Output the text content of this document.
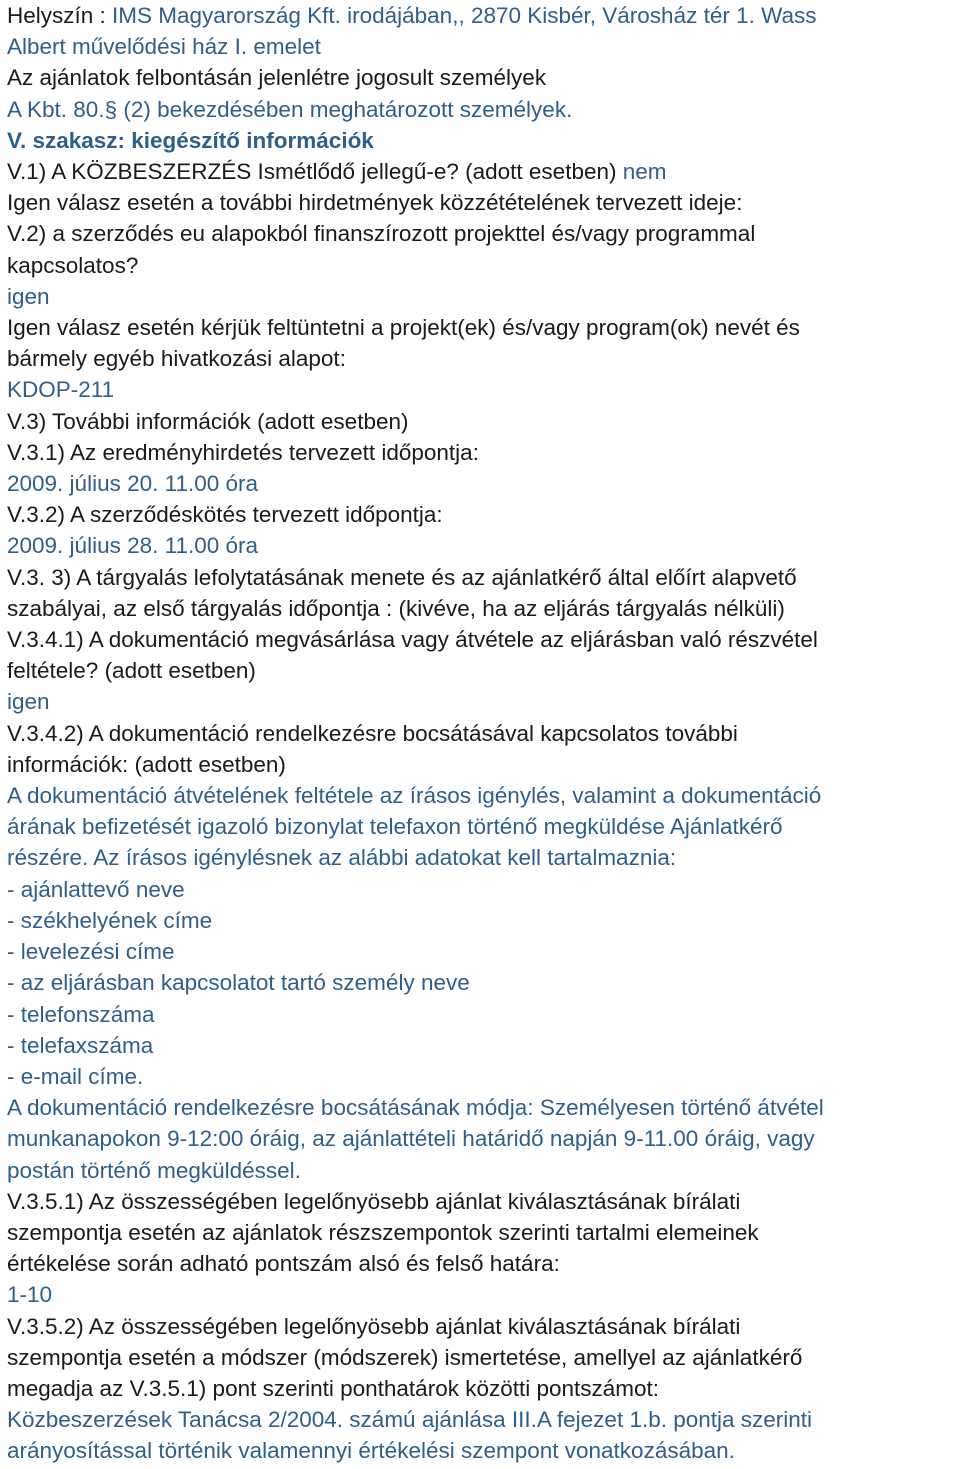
Helyszín : IMS Magyarország Kft. irodájában,, 2870 Kisbér, Városház tér 1. Wass
Albert művelődési ház I. emelet
Az ajánlatok felbontásán jelenlétre jogosult személyek
A Kbt. 80.§ (2) bekezdésében meghatározott személyek.
V. szakasz: kiegészítő információk
V.1) A KÖZBESZERZÉS Ismétlődő jellegű-e? (adott esetben) nem
Igen válasz esetén a további hirdetmények közzétételének tervezett ideje:
V.2) a szerződés eu alapokból finanszírozott projekttel és/vagy programmal
kapcsolatos?
igen
Igen válasz esetén kérjük feltüntetni a projekt(ek) és/vagy program(ok) nevét és
bármely egyéb hivatkozási alapot:
KDOP-211
V.3) További információk (adott esetben)
V.3.1) Az eredményhirdetés tervezett időpontja:
2009. július 20. 11.00 óra
V.3.2) A szerződéskötés tervezett időpontja:
2009. július 28. 11.00 óra
V.3. 3) A tárgyalás lefolytatásának menete és az ajánlatkérő által előírt alapvető
szabályai, az első tárgyalás időpontja : (kivéve, ha az eljárás tárgyalás nélküli)
V.3.4.1) A dokumentáció megvásárlása vagy átvétele az eljárásban való részvétel
feltétele? (adott esetben)
igen
V.3.4.2) A dokumentáció rendelkezésre bocsátásával kapcsolatos további
információk: (adott esetben)
A dokumentáció átvételének feltétele az írásos igénylés, valamint a dokumentáció
árának befizetését igazoló bizonylat telefaxon történő megküldése Ajánlatkérő
részére. Az írásos igénylésnek az alábbi adatokat kell tartalmaznia:
- ajánlattevő neve
- székhelyének címe
- levelezési címe
- az eljárásban kapcsolatot tartó személy neve
- telefonszáma
- telefaxszáma
- e-mail címe.
A dokumentáció rendelkezésre bocsátásának módja: Személyesen történő átvétel
munkanapokon 9-12:00 óráig, az ajánlattételi határidő napján 9-11.00 óráig, vagy
postán történő megküldéssel.
V.3.5.1) Az összességében legelőnyösebb ajánlat kiválasztásának bírálati
szempontja esetén az ajánlatok részszempontok szerinti tartalmi elemeinek
értékelése során adható pontszám alsó és felső határa:
1-10
V.3.5.2) Az összességében legelőnyösebb ajánlat kiválasztásának bírálati
szempontja esetén a módszer (módszerek) ismertetése, amellyel az ajánlatkérő
megadja az V.3.5.1) pont szerinti ponthatárok közötti pontszámot:
Közbeszerzések Tanácsa 2/2004. számú ajánlása III.A fejezet 1.b. pontja szerinti
arányosítással történik valamennyi értékelési szempont vonatkozásában.
